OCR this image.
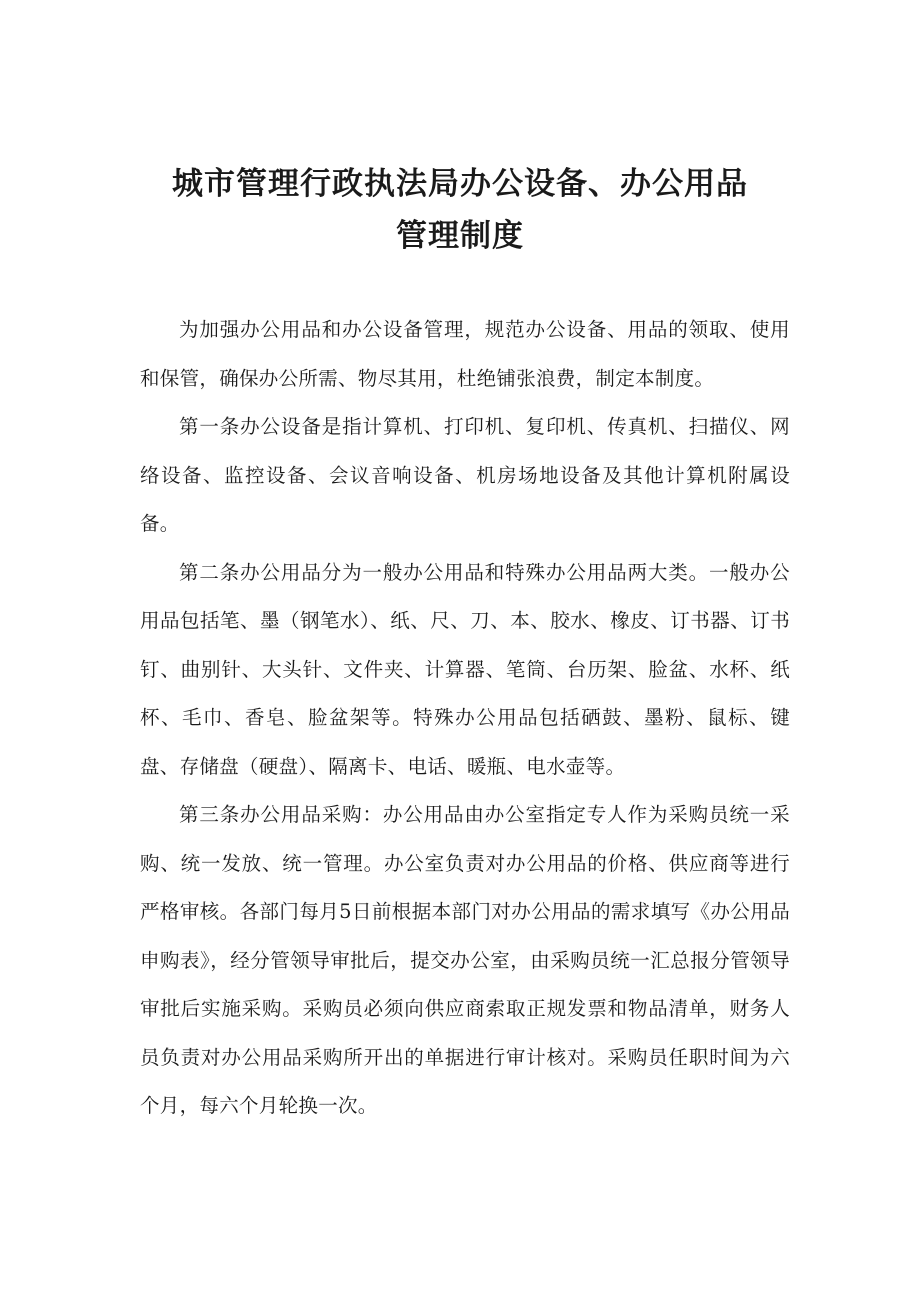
城市管理行政执法局办公设备、办公用品
管理制度

为加强办公用品和办公设备管理，规范办公设备、用品的领取、使用和保管，确保办公所需、物尽其用，杜绝铺张浪费，制定本制度。

第一条办公设备是指计算机、打印机、复印机、传真机、扫描仪、网络设备、监控设备、会议音响设备、机房场地设备及其他计算机附属设备。

第二条办公用品分为一般办公用品和特殊办公用品两大类。一般办公用品包括笔、墨（钢笔水）、纸、尺、刀、本、胶水、橡皮、订书器、订书钉、曲别针、大头针、文件夹、计算器、笔筒、台历架、脸盆、水杯、纸杯、毛巾、香皂、脸盆架等。特殊办公用品包括硒鼓、墨粉、鼠标、键盘、存储盘（硬盘）、隔离卡、电话、暖瓶、电水壶等。

第三条办公用品采购：办公用品由办公室指定专人作为采购员统一采购、统一发放、统一管理。办公室负责对办公用品的价格、供应商等进行严格审核。各部门每月5日前根据本部门对办公用品的需求填写《办公用品申购表》，经分管领导审批后，提交办公室，由采购员统一汇总报分管领导审批后实施采购。采购员必须向供应商索取正规发票和物品清单，财务人员负责对办公用品采购所开出的单据进行审计核对。采购员任职时间为六个月，每六个月轮换一次。
